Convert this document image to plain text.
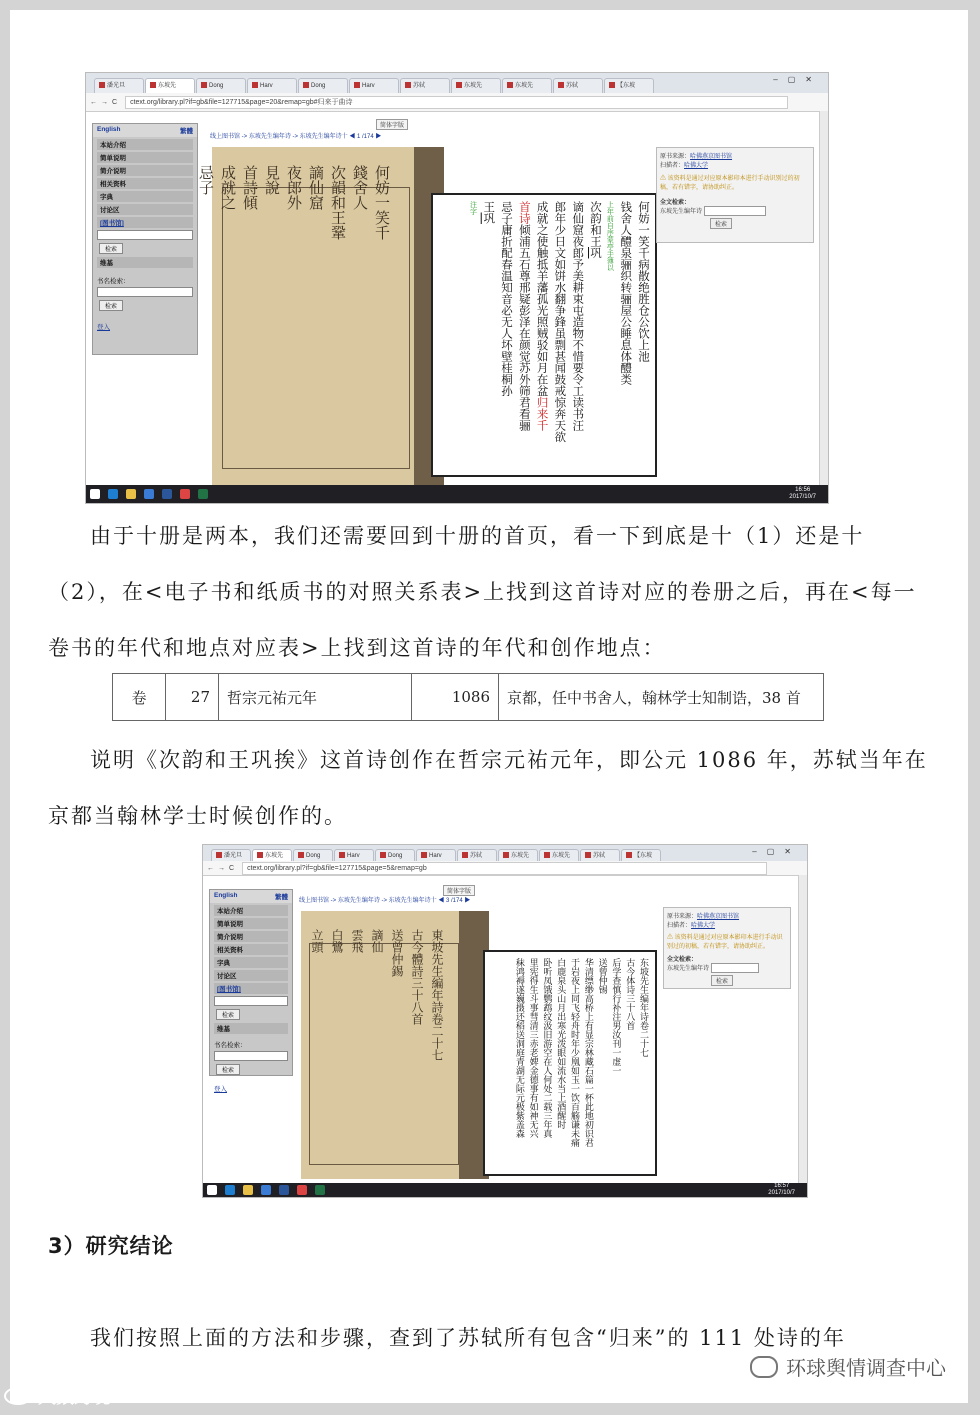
潘光旦	东坡先	Dong	Harv	Dong	Harv	苏轼	东坡先	东坡先	苏轼	【东坡
–▢✕
←→C	ctext.org/library.pl?if=gb&file=127715&page=20&remap=gb#归来于曲诗
English	繁體
本站介绍
简单说明
简介说明
相关资料
字典
讨论区
[图书馆]
检索
维基
书名检索：
检索
登入
简体字版
线上图书馆 -> 东坡先生编年诗 -> 东坡先生编年诗十 ◀ 1 /174 ▶
何妨一笑千
錢舍人
次韻和王鞏
謫仙窟
夜郎外
見說
首詩傾
成就之
忌子
何妨一笑千病散绝胜仓公饮上池
钱舍人醴泉骊织转骊屋公睡息体醴类
上年前自序蒙亭手簿以
次韵和王巩
谪仙窟夜郎予美耕束屯造物不惜要令工读书汪
郎年少日文如饼水翻争鋒虽剽甚闻鼓戒惊奔天欲
成就之使触抵羊藩孤光照贼驳如月在盆归来千
首诗倾浦五石尊邢疑彭泽在颜觉苏外筛君看骊
忌子庸折配春温知音必无人坏壁桂桐孙
王巩
注字
原书来源：哈佛燕京图书馆
扫描者：哈佛大学
⚠ 该资料是通过对应原本影印本进行手动识别过的初稿，若有错字，请协助纠正。
全文检索：
东坡先生编年诗
检索
16:56
2017/10/7

由于十册是两本，我们还需要回到十册的首页，看一下到底是十（1）还是十（2），在<电子书和纸质书的对照关系表>上找到这首诗对应的卷册之后，再在<每一卷书的年代和地点对应表>上找到这首诗的年代和创作地点：

卷	27	哲宗元祐元年	1086	京都，任中书舍人，翰林学士知制诰，38 首

说明《次韵和王巩挨》这首诗创作在哲宗元祐元年，即公元 1086 年，苏轼当年在京都当翰林学士时候创作的。

潘光旦	东坡先	Dong	Harv	Dong	Harv	苏轼	东坡先	东坡先	苏轼	【东坡	–▢✕
←→C	ctext.org/library.pl?if=gb&file=127715&page=5&remap=gb
English	繁體
本站介绍
简单说明
简介说明
相关资料
字典
讨论区
[图书馆]
检索
维基
书名检索：
检索
登入
简体字版
线上图书馆 -> 东坡先生编年诗 -> 东坡先生编年诗十 ◀ 3 /174 ▶
東坡先生編年詩卷二十七
古今體詩三十八首
送曾仲錫
謫仙
雲飛
白鷺
立頭
东坡先生编年诗卷二十七
古今体诗三十八首
后学查慎行补注男汝刊一虚一
送曾仲锡
华清缥缈高桥上有显宗林藏石篇一杯此地初识君
于岩夜上同飞轻舟时年少凰如玉一饮百觞谦未痛
白鹿泉头山月出寒光泼眼如流水当上酒醒时
卧听凤饿鹦鹉纹汲旧游空在人何处二载三年真
里宪得生斗事彗清三赤老婢金德事有如神无兴
秣鸿褥遂巍摄还稻送洞庭青湖无际元极紫盖森
原书来源：哈佛燕京图书馆
扫描者：哈佛大学
⚠ 该资料是通过对应原本影印本进行手动识别过的初稿，若有错字，请协助纠正。
全文检索：
东坡先生编年诗
检索
16:57
2017/10/7
3）研究结论

我们按照上面的方法和步骤，查到了苏轼所有包含“归来”的 111 处诗的年

环球舆情调查中心
大数跨境
